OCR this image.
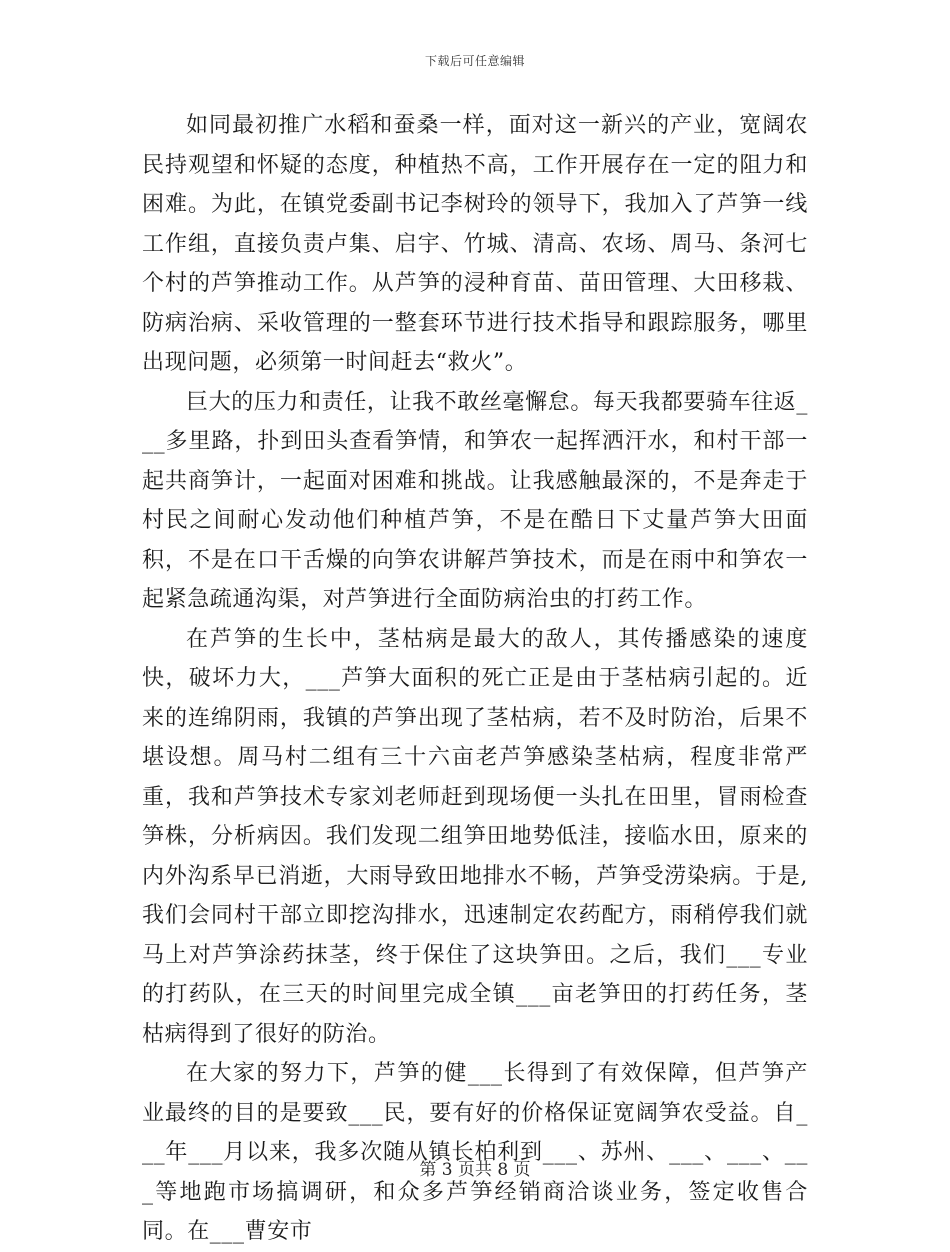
下载后可任意编辑

如同最初推广水稻和蚕桑一样，面对这一新兴的产业，宽阔农民持观望和怀疑的态度，种植热不高，工作开展存在一定的阻力和困难。为此，在镇党委副书记李树玲的领导下，我加入了芦笋一线工作组，直接负责卢集、启宇、竹城、清高、农场、周马、条河七个村的芦笋推动工作。从芦笋的浸种育苗、苗田管理、大田移栽、防病治病、采收管理的一整套环节进行技术指导和跟踪服务，哪里出现问题，必须第一时间赶去“救火”。

巨大的压力和责任，让我不敢丝毫懈怠。每天我都要骑车往返___多里路，扑到田头查看笋情，和笋农一起挥洒汗水，和村干部一起共商笋计，一起面对困难和挑战。让我感触最深的，不是奔走于村民之间耐心发动他们种植芦笋，不是在酷日下丈量芦笋大田面积，不是在口干舌燥的向笋农讲解芦笋技术，而是在雨中和笋农一起紧急疏通沟渠，对芦笋进行全面防病治虫的打药工作。

在芦笋的生长中，茎枯病是最大的敌人，其传播感染的速度快，破坏力大，___芦笋大面积的死亡正是由于茎枯病引起的。近来的连绵阴雨，我镇的芦笋出现了茎枯病，若不及时防治，后果不堪设想。周马村二组有三十六亩老芦笋感染茎枯病，程度非常严重，我和芦笋技术专家刘老师赶到现场便一头扎在田里，冒雨检查笋株，分析病因。我们发现二组笋田地势低洼，接临水田，原来的内外沟系早已消逝，大雨导致田地排水不畅，芦笋受涝染病。于是,我们会同村干部立即挖沟排水，迅速制定农药配方，雨稍停我们就马上对芦笋涂药抹茎，终于保住了这块笋田。之后，我们___专业的打药队，在三天的时间里完成全镇___亩老笋田的打药任务，茎枯病得到了很好的防治。

在大家的努力下，芦笋的健___长得到了有效保障，但芦笋产业最终的目的是要致___民，要有好的价格保证宽阔笋农受益。自___年___月以来，我多次随从镇长柏利到___、苏州、___、___、___等地跑市场搞调研，和众多芦笋经销商洽谈业务，签定收售合同。在___曹安市

第 3 页共 8 页
